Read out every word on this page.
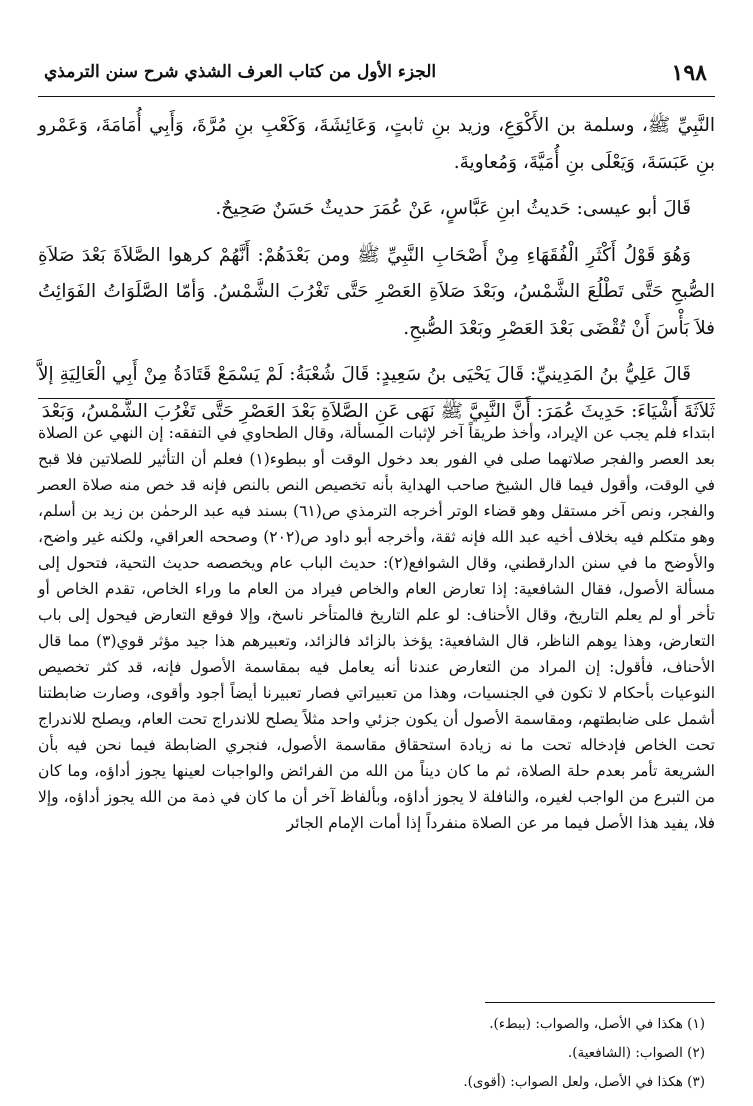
١٩٨
الجزء الأول من كتاب العرف الشذي شرح سنن الترمذي

النَّبِيِّ ﷺ، وسلمة بن الأَكْوَعِ، وزيد بنِ ثابتٍ، وَعَائِشَةَ، وَكَعْبِ بنِ مُرَّةَ، وَأَبِي أُمَامَةَ، وَعَمْرو بنِ عَبَسَةَ، وَيَعْلَى بنِ أُمَيَّةَ، وَمُعاويةَ.

قَالَ أبو عيسى: حَديثُ ابنِ عَبَّاسٍ، عَنْ عُمَرَ حديثٌ حَسَنٌ صَحِيحٌ.

وَهُوَ قَوْلُ أَكْثَرِ الْفُقَهَاءِ مِنْ أَصْحَابِ النَّبِيِّ ﷺ ومن بَعْدَهُمْ: أَنَّهُمْ كرهوا الصَّلاَةَ بَعْدَ صَلاَةِ الصُّبحِ حَتَّى تَطْلُعَ الشَّمْسُ، وبَعْدَ صَلاَةِ العَصْرِ حَتَّى تَغْرُبَ الشَّمْسُ. وَأمّا الصَّلَوَاتُ الفَوَائِتُ فلاَ بَأْسَ أَنْ تُقْضَى بَعْدَ العَصْرِ وبَعْدَ الصُّبحِ.

قَالَ عَلِيُّ بنُ المَدِينيِّ: قَالَ يَحْيَى بنُ سَعِيدٍ: قَالَ شُعْبَةُ: لَمْ يَسْمَعْ قَتَادَةُ مِنْ أَبِي الْعَالِيَةِ إلاَّ ثَلاَثَةَ أَشْيَاءَ: حَدِيثَ عُمَرَ: أَنَّ النَّبِيَّ ﷺ نَهَى عَنِ الصَّلاَةِ بَعْدَ العَصْرِ حَتَّى تَغْرُبَ الشَّمْسُ، وَبَعْدَ

ابتداء فلم يجب عن الإيراد، وأخذ طريقاً آخر لإثبات المسألة، وقال الطحاوي في التفقه: إن النهي عن الصلاة بعد العصر والفجر صلاتهما صلى في الفور بعد دخول الوقت أو ببطوء(١) فعلم أن التأثير للصلاتين فلا قبح في الوقت، وأقول فيما قال الشيخ صاحب الهداية بأنه تخصيص النص بالنص فإنه قد خص منه صلاة العصر والفجر، ونص آخر مستقل وهو قضاء الوتر أخرجه الترمذي ص(٦١) بسند فيه عبد الرحمٰن بن زيد بن أسلم، وهو متكلم فيه بخلاف أخيه عبد الله فإنه ثقة، وأخرجه أبو داود ص(٢٠٢) وصححه العراقي، ولكنه غير واضح، والأوضح ما في سنن الدارقطني، وقال الشوافع(٢): حديث الباب عام ويخصصه حديث التحية، فتحول إلى مسألة الأصول، فقال الشافعية: إذا تعارض العام والخاص فيراد من العام ما وراء الخاص، تقدم الخاص أو تأخر أو لم يعلم التاريخ، وقال الأحناف: لو علم التاريخ فالمتأخر ناسخ، وإلا فوقع التعارض فيحول إلى باب التعارض، وهذا يوهم الناظر، قال الشافعية: يؤخذ بالزائد فالزائد، وتعبيرهم هذا جيد مؤثر قوي(٣) مما قال الأحناف، فأقول: إن المراد من التعارض عندنا أنه يعامل فيه بمقاسمة الأصول فإنه، قد كثر تخصيص النوعيات بأحكام لا تكون في الجنسيات، وهذا من تعبيراتي فصار تعبيرنا أيضاً أجود وأقوى، وصارت ضابطتنا أشمل على ضابطتهم، ومقاسمة الأصول أن يكون جزئي واحد مثلاً يصلح للاندراج تحت العام، ويصلح للاندراج تحت الخاص فإدخاله تحت ما نه زيادة استحقاق مقاسمة الأصول، فنجري الضابطة فيما نحن فيه بأن الشريعة تأمر بعدم حلة الصلاة، ثم ما كان ديناً من الله من الفرائض والواجبات لعينها يجوز أداؤه، وما كان من التبرع من الواجب لغيره، والنافلة لا يجوز أداؤه، وبألفاظ آخر أن ما كان في ذمة من الله يجوز أداؤه، وإلا فلا، يفيد هذا الأصل فيما مر عن الصلاة منفرداً إذا أمات الإمام الجائر

(١) هكذا في الأصل، والصواب: (ببطء).
(٢) الصواب: (الشافعية).
(٣) هكذا في الأصل، ولعل الصواب: (أقوى).
